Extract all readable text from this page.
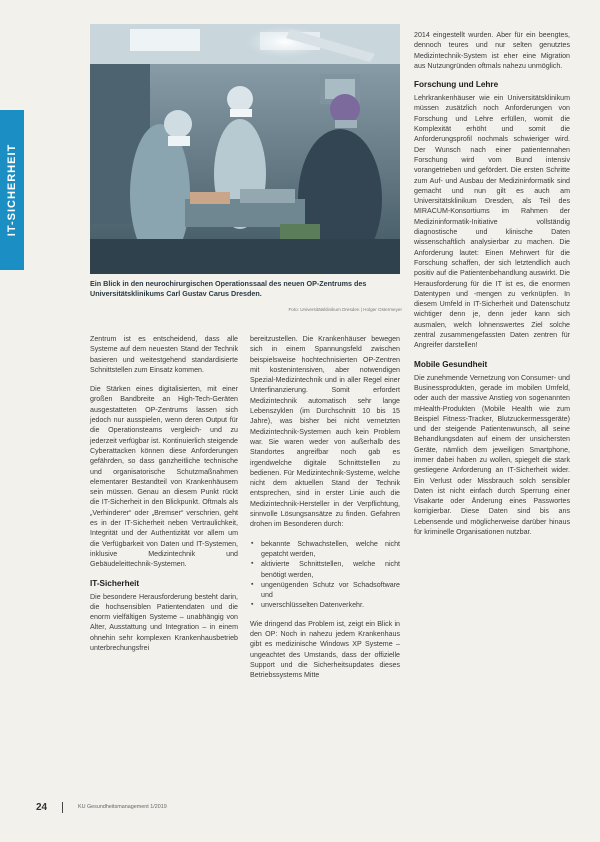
IT-SICHERHEIT
Ein Blick in den neurochirurgischen Operationssaal des neuen OP-Zentrums des Universitätsklinikums Carl Gustav Carus Dresden.
Foto: Universitätsklinikum Dresden | Holger Ostermeyer

Zentrum ist es entscheidend, dass alle Systeme auf dem neuesten Stand der Technik basieren und weitestgehend standardisierte Schnittstellen zum Einsatz kommen.

Die Stärken eines digitalisierten, mit einer großen Bandbreite an High-Tech-Geräten ausgestatteten OP-Zentrums lassen sich jedoch nur ausspielen, wenn deren Output für die Operationsteams vergleich- und zu jederzeit verfügbar ist. Kontinuierlich steigende Cyberattacken können diese Anforderungen gefährden, so dass ganzheitliche technische und organisatorische Schutzmaßnahmen elementarer Bestandteil von Krankenhäusern sein müssen. Genau an diesem Punkt rückt die IT-Sicherheit in den Blickpunkt. Oftmals als „Verhinderer“ oder „Bremser“ verschrien, geht es in der IT-Sicherheit neben Vertraulichkeit, Integrität und der Authentizität vor allem um die Verfügbarkeit von Daten und IT-Systemen, inklusive Medizintechnik und Gebäudeleittechnik-Systemen.

IT-Sicherheit

Die besondere Herausforderung besteht darin, die hochsensiblen Patientendaten und die enorm vielfältigen Systeme – unabhängig von Alter, Ausstattung und Integration – in einem ohnehin sehr komplexen Krankenhausbetrieb unterbrechungsfrei

bereitzustellen. Die Krankenhäuser bewegen sich in einem Spannungsfeld zwischen beispielsweise hochtechnisierten OP-Zentren mit kostenintensiven, aber notwendigen Spezial-Medizintechnik und in aller Regel einer Unterfinanzierung. Somit erfordert Medizintechnik automatisch sehr lange Lebenszyklen (im Durchschnitt 10 bis 15 Jahre), was bisher bei nicht vernetzten Medizintechnik-Systemen auch kein Problem war. Sie waren weder von außerhalb des Standortes angreifbar noch gab es irgendwelche digitale Schnittstellen zu bedienen. Für Medizintechnik-Systeme, welche nicht dem aktuellen Stand der Technik entsprechen, sind in erster Linie auch die Medizintechnik-Hersteller in der Verpflichtung, sinnvolle Lösungsansätze zu finden. Gefahren drohen im Besonderen durch:

▪ bekannte Schwachstellen, welche nicht gepatcht werden,
▪ aktivierte Schnittstellen, welche nicht benötigt werden,
▪ ungenügenden Schutz vor Schadsoftware und
▪ unverschlüsselten Datenverkehr.

Wie dringend das Problem ist, zeigt ein Blick in den OP: Noch in nahezu jedem Krankenhaus gibt es medizinische Windows XP Systeme – ungeachtet des Umstands, dass der offizielle Support und die Sicherheitsupdates dieses Betriebssystems Mitte

2014 eingestellt wurden. Aber für ein beengtes, dennoch teures und nur selten genutztes Medizintechnik-System ist eher eine Migration aus Nutzungründen oftmals nahezu unmöglich.

Forschung und Lehre

Lehrkrankenhäuser wie ein Universitätsklinikum müssen zusätzlich noch Anforderungen von Forschung und Lehre erfüllen, womit die Komplexität erhöht und somit die Anforderungsprofil nochmals schwieriger wird. Der Wunsch nach einer patientennahen Forschung wird vom Bund intensiv vorangetrieben und gefördert. Die ersten Schritte zum Auf- und Ausbau der Medizininformatik sind gemacht und nun gilt es auch am Universitätsklinikum Dresden, als Teil des MIRACUM-Konsortiums im Rahmen der Medizininformatik-Initiative vollständig diagnostische und klinische Daten wissenschaftlich analysierbar zu machen. Die Anforderung lautet: Einen Mehrwert für die Forschung schaffen, der sich letztendlich auch positiv auf die Patientenbehandlung auswirkt. Die Herausforderung für die IT ist es, die enormen Datentypen und -mengen zu verknüpfen. In diesem Umfeld in IT-Sicherheit und Datenschutz wichtiger denn je, denn jeder kann sich ausmalen, welch lohnenswertes Ziel solche zentral zusammengefassten Daten zentren für Angreifer darstellen!

Mobile Gesundheit

Die zunehmende Vernetzung von Consumer- und Businessprodukten, gerade im mobilen Umfeld, oder auch der massive Anstieg von sogenannten mHealth-Produkten (Mobile Health wie zum Beispiel Fitness-Tracker, Blutzuckermessgeräte) und der steigende Patientenwunsch, all seine Behandlungsdaten auf einem der unsichersten Geräte, nämlich dem jeweiligen Smartphone, immer dabei haben zu wollen, spiegelt die stark gestiegene Anforderung an IT-Sicherheit wider. Ein Verlust oder Missbrauch solch sensibler Daten ist nicht einfach durch Sperrung einer Visakarte oder Änderung eines Passwortes korrigierbar. Diese Daten sind bis ans Lebensende und möglicherweise darüber hinaus für kriminelle Organisationen nutzbar.

24	KU Gesundheitsmanagement 1/2019
